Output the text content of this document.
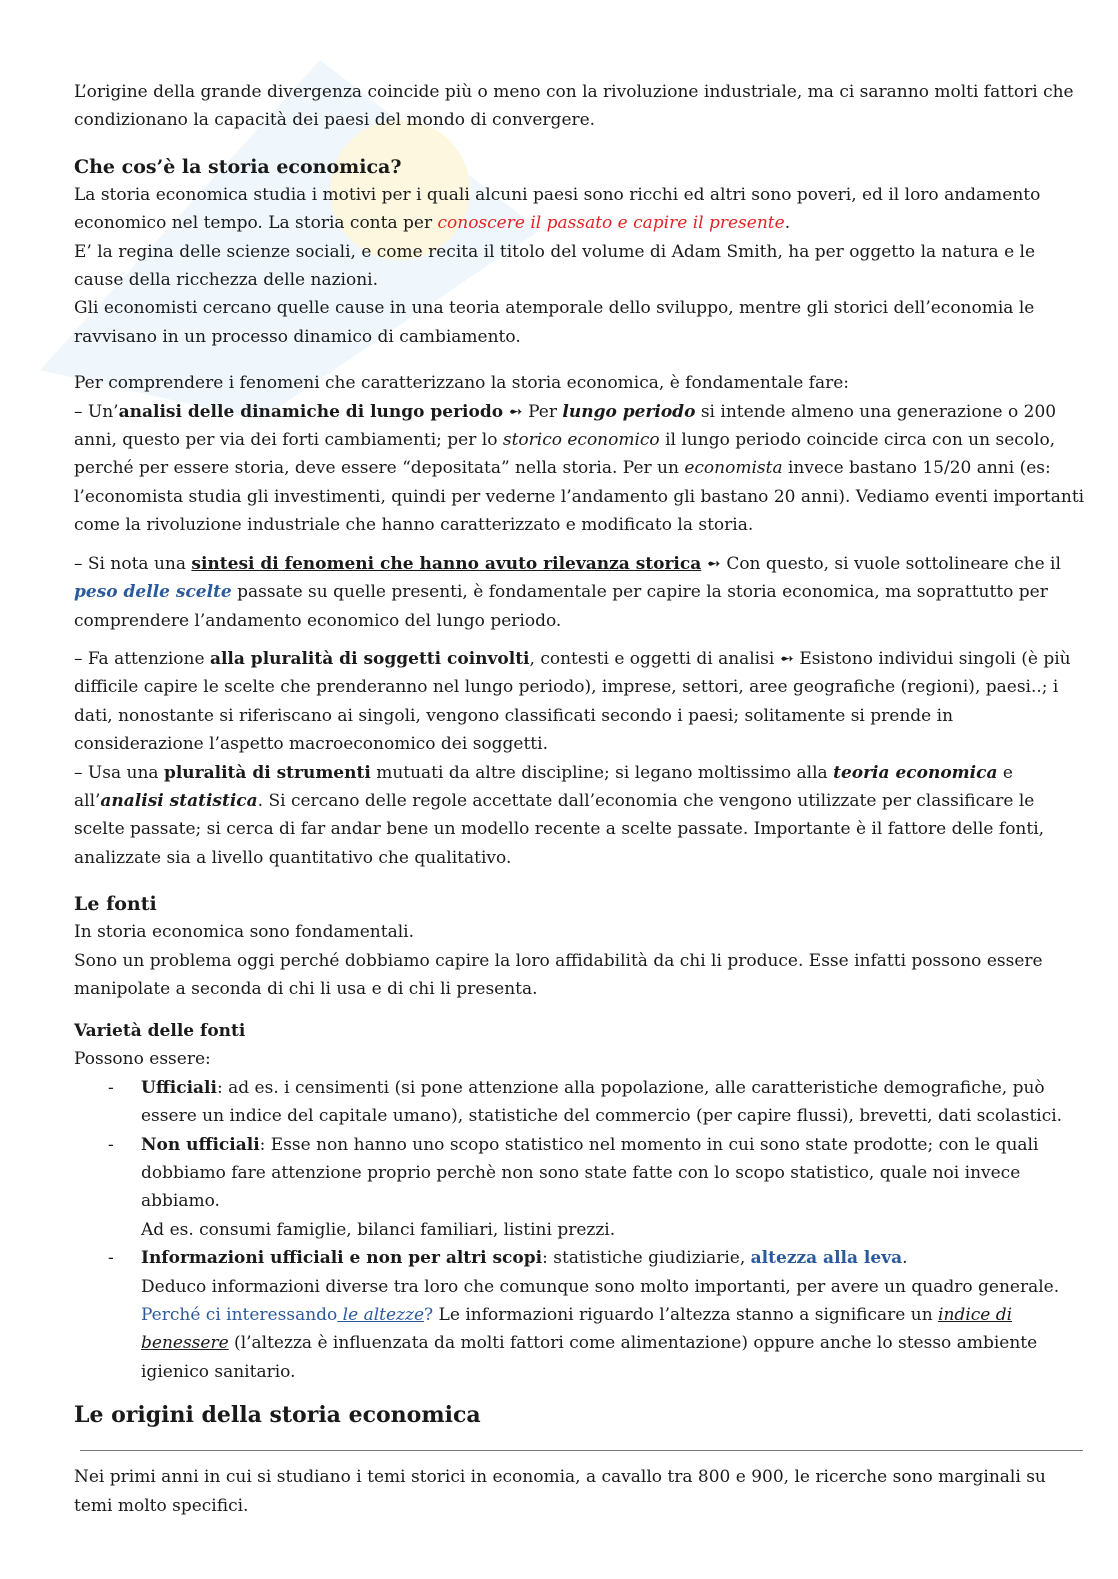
L’origine della grande divergenza coincide più o meno con la rivoluzione industriale, ma ci saranno molti fattori che condizionano la capacità dei paesi del mondo di convergere.

Che cos’è la storia economica?

La storia economica studia i motivi per i quali alcuni paesi sono ricchi ed altri sono poveri, ed il loro andamento economico nel tempo. La storia conta per conoscere il passato e capire il presente.

E’ la regina delle scienze sociali, e come recita il titolo del volume di Adam Smith, ha per oggetto la natura e le cause della ricchezza delle nazioni.

Gli economisti cercano quelle cause in una teoria atemporale dello sviluppo, mentre gli storici dell’economia le ravvisano in un processo dinamico di cambiamento.

Per comprendere i fenomeni che caratterizzano la storia economica, è fondamentale fare:

– Un’analisi delle dinamiche di lungo periodo ➻ Per lungo periodo si intende almeno una generazione o 200 anni, questo per via dei forti cambiamenti; per lo storico economico il lungo periodo coincide circa con un secolo, perché per essere storia, deve essere “depositata” nella storia. Per un economista invece bastano 15/20 anni (es: l’economista studia gli investimenti, quindi per vederne l’andamento gli bastano 20 anni). Vediamo eventi importanti come la rivoluzione industriale che hanno caratterizzato e modificato la storia.

– Si nota una sintesi di fenomeni che hanno avuto rilevanza storica ➻ Con questo, si vuole sottolineare che il peso delle scelte passate su quelle presenti, è fondamentale per capire la storia economica, ma soprattutto per comprendere l’andamento economico del lungo periodo.

– Fa attenzione alla pluralità di soggetti coinvolti, contesti e oggetti di analisi ➻ Esistono individui singoli (è più difficile capire le scelte che prenderanno nel lungo periodo), imprese, settori, aree geografiche (regioni), paesi..; i dati, nonostante si riferiscano ai singoli, vengono classificati secondo i paesi; solitamente si prende in considerazione l’aspetto macroeconomico dei soggetti.

– Usa una pluralità di strumenti mutuati da altre discipline; si legano moltissimo alla teoria economica e all’analisi statistica. Si cercano delle regole accettate dall’economia che vengono utilizzate per classificare le scelte passate; si cerca di far andar bene un modello recente a scelte passate. Importante è il fattore delle fonti, analizzate sia a livello quantitativo che qualitativo.

Le fonti

In storia economica sono fondamentali.

Sono un problema oggi perché dobbiamo capire la loro affidabilità da chi li produce. Esse infatti possono essere manipolate a seconda di chi li usa e di chi li presenta.

Varietà delle fonti

Possono essere:

- Ufficiali: ad es. i censimenti (si pone attenzione alla popolazione, alle caratteristiche demografiche, può essere un indice del capitale umano), statistiche del commercio (per capire flussi), brevetti, dati scolastici.
- Non ufficiali: Esse non hanno uno scopo statistico nel momento in cui sono state prodotte; con le quali dobbiamo fare attenzione proprio perchè non sono state fatte con lo scopo statistico, quale noi invece abbiamo.
Ad es. consumi famiglie, bilanci familiari, listini prezzi.
- Informazioni ufficiali e non per altri scopi: statistiche giudiziarie, altezza alla leva.
Deduco informazioni diverse tra loro che comunque sono molto importanti, per avere un quadro generale.
Perché ci interessando le altezze? Le informazioni riguardo l’altezza stanno a significare un indice di benessere (l’altezza è influenzata da molti fattori come alimentazione) oppure anche lo stesso ambiente igienico sanitario.
Le origini della storia economica

Nei primi anni in cui si studiano i temi storici in economia, a cavallo tra 800 e 900, le ricerche sono marginali su temi molto specifici.
